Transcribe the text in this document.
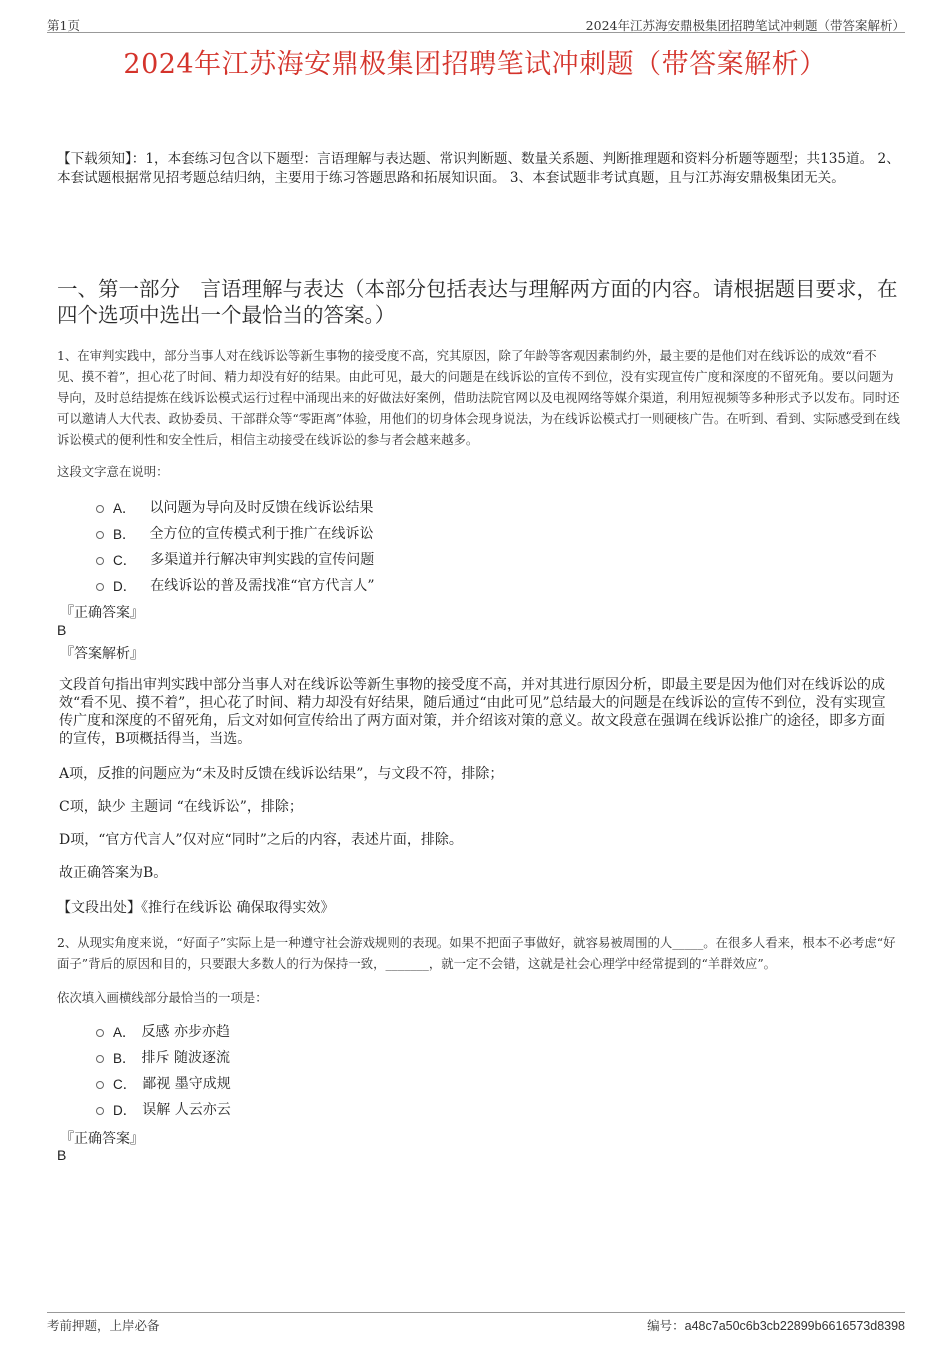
第1页	2024年江苏海安鼎极集团招聘笔试冲刺题（带答案解析）
2024年江苏海安鼎极集团招聘笔试冲刺题（带答案解析）
【下载须知】：1，本套练习包含以下题型：言语理解与表达题、常识判断题、数量关系题、判断推理题和资料分析题等题型；共135道。 2、本套试题根据常见招考题总结归纳，主要用于练习答题思路和拓展知识面。 3、本套试题非考试真题，且与江苏海安鼎极集团无关。
一、第一部分　言语理解与表达（本部分包括表达与理解两方面的内容。请根据题目要求，在四个选项中选出一个最恰当的答案。）
1、在审判实践中，部分当事人对在线诉讼等新生事物的接受度不高，究其原因，除了年龄等客观因素制约外，最主要的是他们对在线诉讼的成效“看不见、摸不着”，担心花了时间、精力却没有好的结果。由此可见，最大的问题是在线诉讼的宣传不到位，没有实现宣传广度和深度的不留死角。要以问题为导向，及时总结提炼在线诉讼模式运行过程中涌现出来的好做法好案例，借助法院官网以及电视网络等媒介渠道，利用短视频等多种形式予以发布。同时还可以邀请人大代表、政协委员、干部群众等“零距离”体验，用他们的切身体会现身说法，为在线诉讼模式打一则硬核广告。在听到、看到、实际感受到在线诉讼模式的便利性和安全性后，相信主动接受在线诉讼的参与者会越来越多。
这段文字意在说明：
A． 以问题为导向及时反馈在线诉讼结果
B． 全方位的宣传模式利于推广在线诉讼
C． 多渠道并行解决审判实践的宣传问题
D． 在线诉讼的普及需找准“官方代言人”
『正确答案』
B
『答案解析』
文段首句指出审判实践中部分当事人对在线诉讼等新生事物的接受度不高，并对其进行原因分析，即最主要是因为他们对在线诉讼的成效“看不见、摸不着”，担心花了时间、精力却没有好结果，随后通过“由此可见”总结最大的问题是在线诉讼的宣传不到位，没有实现宣传广度和深度的不留死角，后文对如何宣传给出了两方面对策，并介绍该对策的意义。故文段意在强调在线诉讼推广的途径，即多方面的宣传，B项概括得当，当选。
A项，反推的问题应为“未及时反馈在线诉讼结果”，与文段不符，排除；
C项，缺少 主题词 “在线诉讼”，排除；
D项，“官方代言人”仅对应“同时”之后的内容，表述片面，排除。
故正确答案为B。
【文段出处】《推行在线诉讼 确保取得实效》
2、从现实角度来说，“好面子”实际上是一种遵守社会游戏规则的表现。如果不把面子事做好，就容易被周围的人_____。在很多人看来，根本不必考虑“好面子”背后的原因和目的，只要跟大多数人的行为保持一致，_______，就一定不会错，这就是社会心理学中经常提到的“羊群效应”。
依次填入画横线部分最恰当的一项是：
A． 反感 亦步亦趋
B． 排斥 随波逐流
C． 鄙视 墨守成规
D． 误解 人云亦云
『正确答案』
B
考前押题，上岸必备	编号：a48c7a50c6b3cb22899b6616573d8398
